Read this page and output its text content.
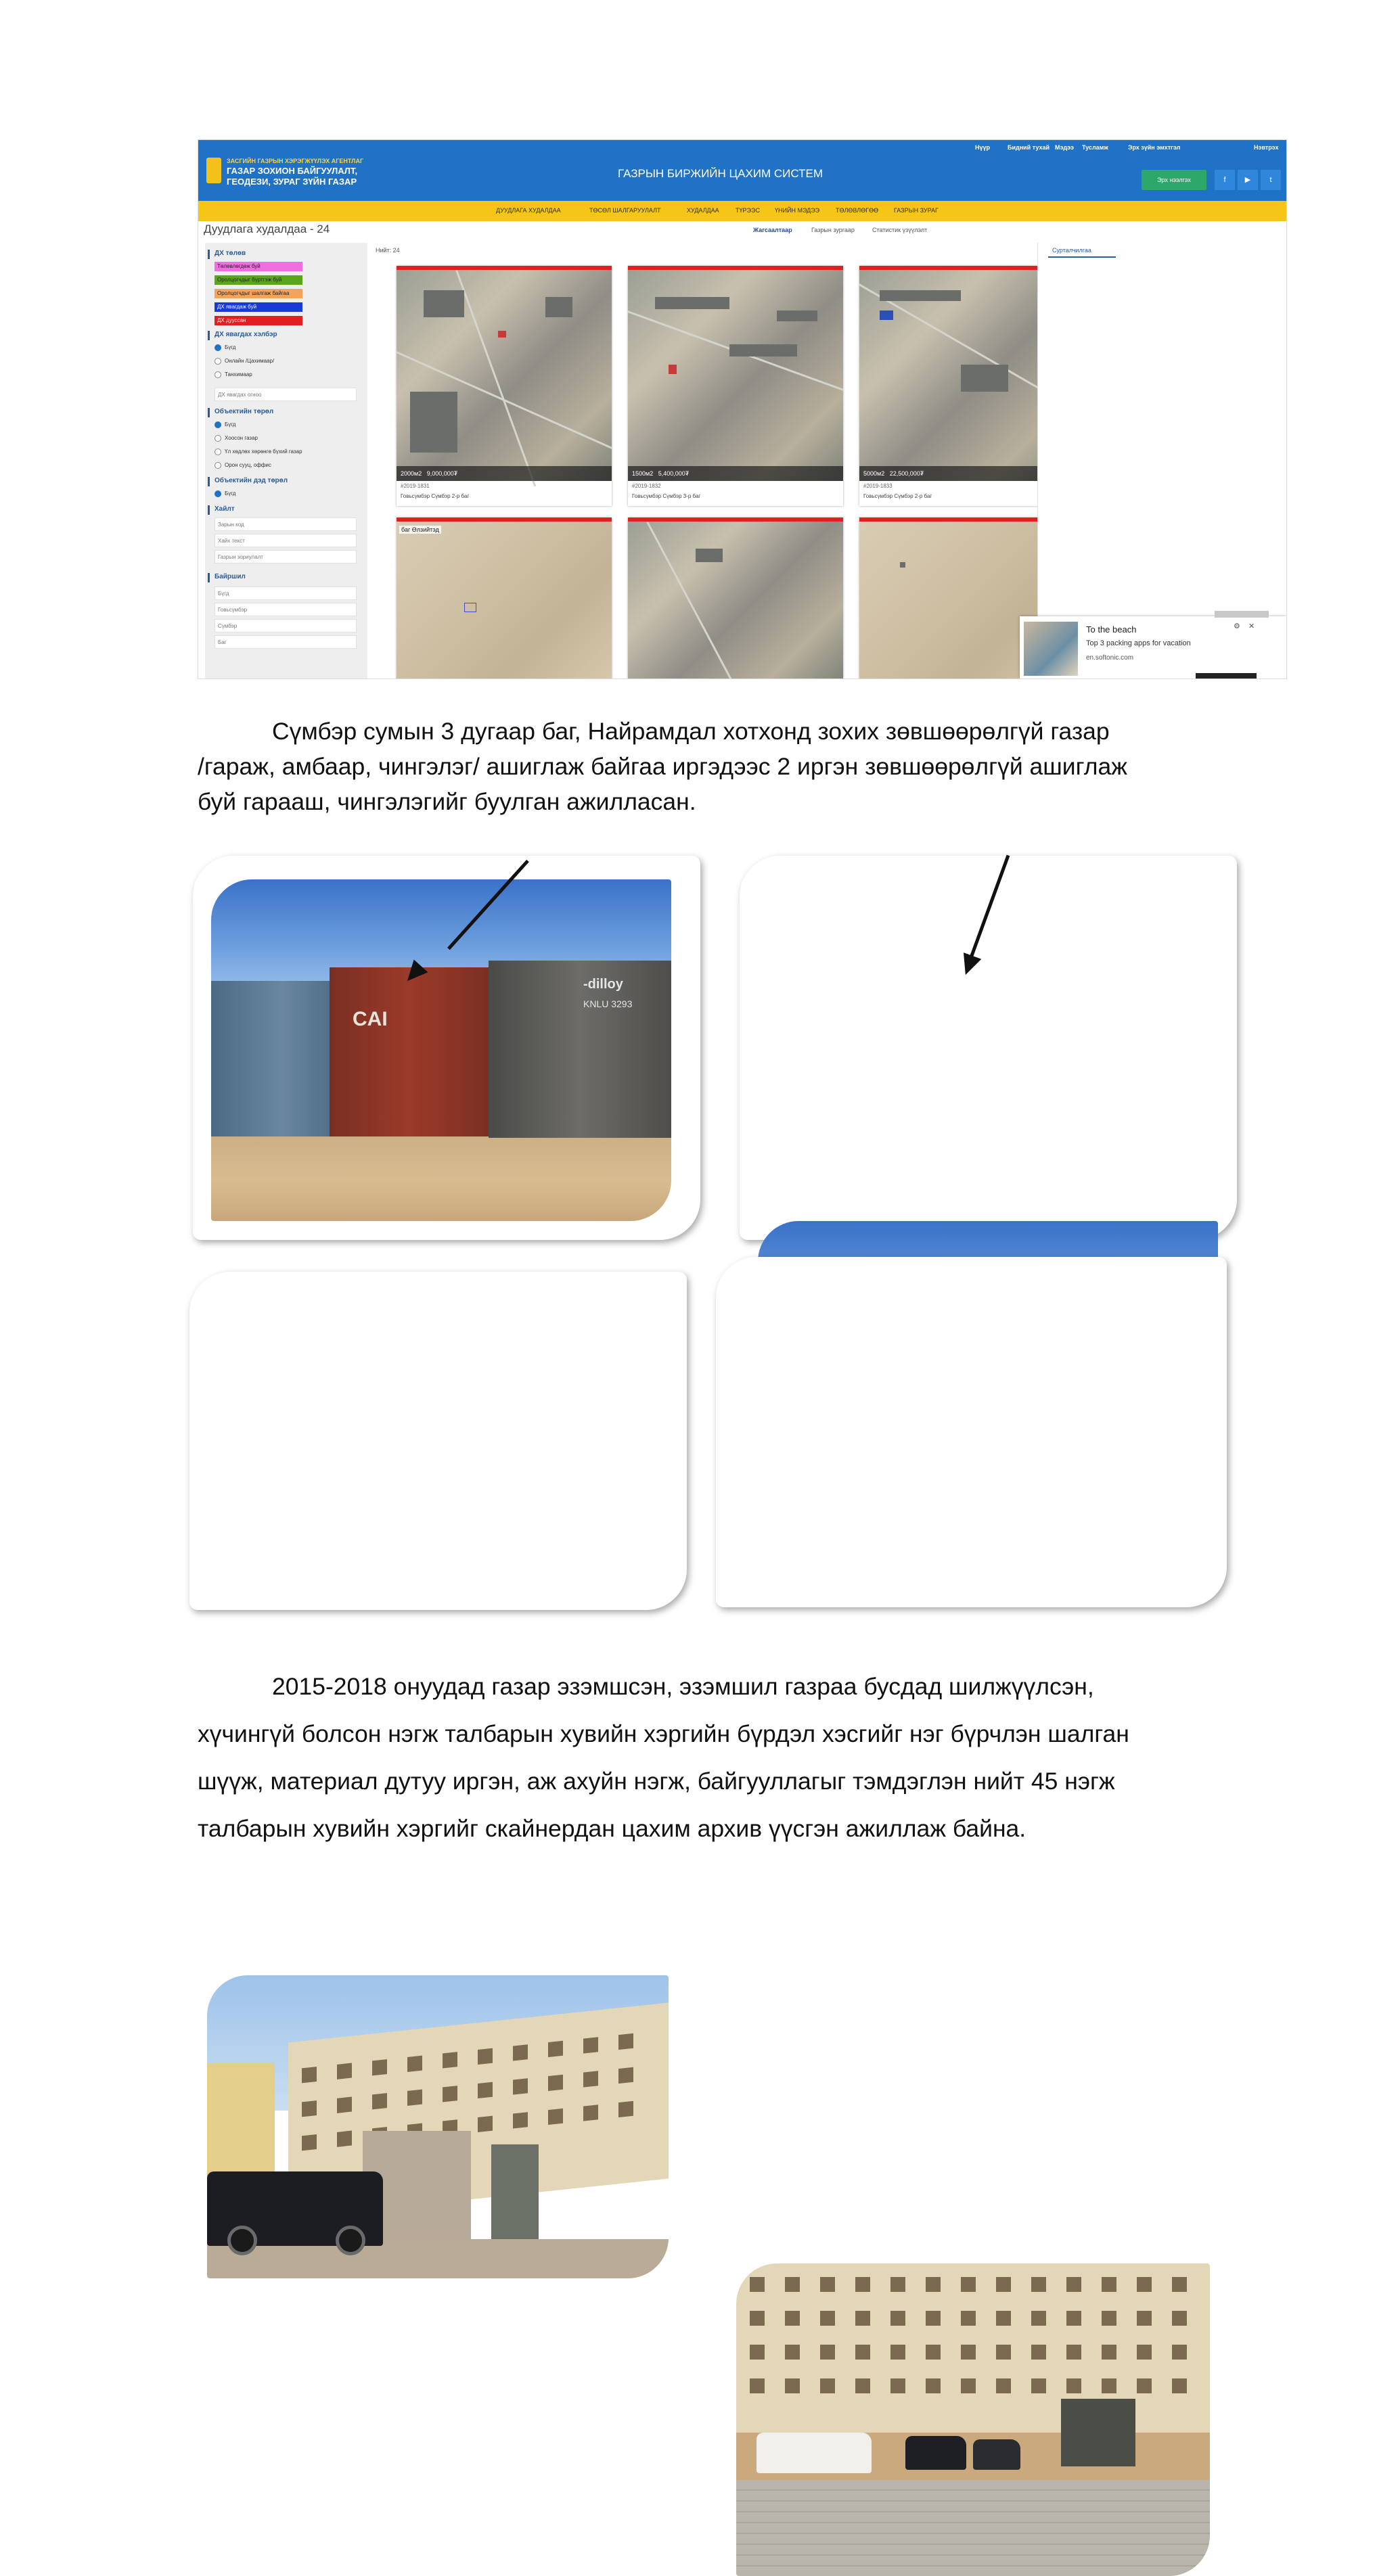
ЗАСГИЙН ГАЗРЫН ХЭРЭГЖҮҮЛЭХ АГЕНТЛАГ
ГАЗАР ЗОХИОН БАЙГУУЛАЛТ,
ГЕОДЕЗИ, ЗУРАГ ЗҮЙН ГАЗАР
ГАЗРЫН БИРЖИЙН ЦАХИМ СИСТЕМ
Нүүр	Бидний тухай Мэдээ Тусламж	Эрх зүйн эмхтгэл	Нэвтрэх
Эрх нээлгэх	f	▶	t
ДУУДЛАГА ХУДАЛДАА	ТӨСӨЛ ШАЛГАРУУЛАЛТ	ХУДАЛДАА	ТҮРЭЭС ҮНИЙН МЭДЭЭ	ТӨЛӨВЛӨГӨӨ	ГАЗРЫН ЗУРАГ
Дуудлага худалдаа - 24	Жагсаалтаар	Газрын зургаар	Статистик үзүүлэлт
ДХ төлөв
Төлөвлөгдөж буй
Оролцогчдыг бүртгэж буй
Оролцогчдыг шалгаж байгаа
ДХ явагдаж буй
ДХ дууссан
ДХ явагдах хэлбэр
Бүгд
Онлайн /Цахимаар/
Танхимаар
ДХ явагдах огноо
Объектийн төрөл
Бүгд
Хоосон газар
Үл хөдлөх хөрөнгө бүхий газар
Орон сууц, оффис
Объектийн дэд төрөл
Бүгд
Хайлт
Зарын код
Хайх текст
Газрын зориулалт
Байршил
Бүгд
Говьсүмбэр
Сүмбэр
Баг
Нийт: 24
2000м2 9,000,000₮
#2019-1831
Говьсүмбэр Сүмбэр 2-р баг
1500м2 5,400,000₮
#2019-1832
Говьсүмбэр Сүмбэр 3-р баг
5000м2 22,500,000₮
#2019-1833
Говьсүмбэр Сүмбэр 2-р баг
баг Өлзийтэд
Сурталчилгаа
To the beach
Top 3 packing apps for vacation
en.softonic.com
⚙ ✕
Сүмбэр сумын 3 дугаар баг, Найрамдал хотхонд зохих зөвшөөрөлгүй газар
/гараж, амбаар, чингэлэг/ ашиглаж байгаа иргэдээс 2 иргэн зөвшөөрөлгүй ашиглаж
буй гарааш, чингэлэгийг буулган ажилласан.
CAI
-dilloy
KNLU 3293
2015-2018 онуудад газар эзэмшсэн, эзэмшил газраа бусдад шилжүүлсэн,
хүчингүй болсон нэгж талбарын хувийн хэргийн бүрдэл хэсгийг нэг бүрчлэн шалган
шүүж, материал дутуу иргэн, аж ахуйн нэгж, байгууллагыг тэмдэглэн нийт 45 нэгж
талбарын хувийн хэргийг скайнердан цахим архив үүсгэн ажиллаж байна.
